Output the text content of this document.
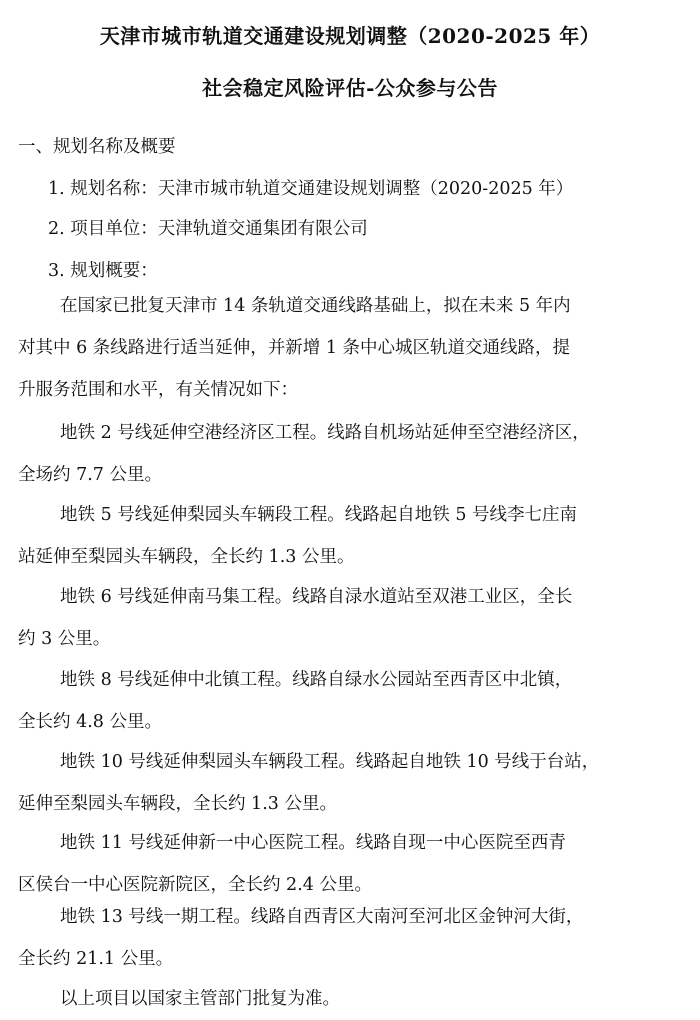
天津市城市轨道交通建设规划调整（2020-2025 年）
社会稳定风险评估-公众参与公告
一、规划名称及概要
1. 规划名称：天津市城市轨道交通建设规划调整（2020-2025 年）
2. 项目单位：天津轨道交通集团有限公司
3. 规划概要：
在国家已批复天津市 14 条轨道交通线路基础上，拟在未来 5 年内
对其中 6 条线路进行适当延伸，并新增 1 条中心城区轨道交通线路，提
升服务范围和水平，有关情况如下：
地铁 2 号线延伸空港经济区工程。线路自机场站延伸至空港经济区，
全场约 7.7 公里。
地铁 5 号线延伸梨园头车辆段工程。线路起自地铁 5 号线李七庄南
站延伸至梨园头车辆段，全长约 1.3 公里。
地铁 6 号线延伸南马集工程。线路自渌水道站至双港工业区，全长
约 3 公里。
地铁 8 号线延伸中北镇工程。线路自绿水公园站至西青区中北镇，
全长约 4.8 公里。
地铁 10 号线延伸梨园头车辆段工程。线路起自地铁 10 号线于台站，
延伸至梨园头车辆段，全长约 1.3 公里。
地铁 11 号线延伸新一中心医院工程。线路自现一中心医院至西青
区侯台一中心医院新院区，全长约 2.4 公里。
地铁 13 号线一期工程。线路自西青区大南河至河北区金钟河大街，
全长约 21.1 公里。
以上项目以国家主管部门批复为准。
